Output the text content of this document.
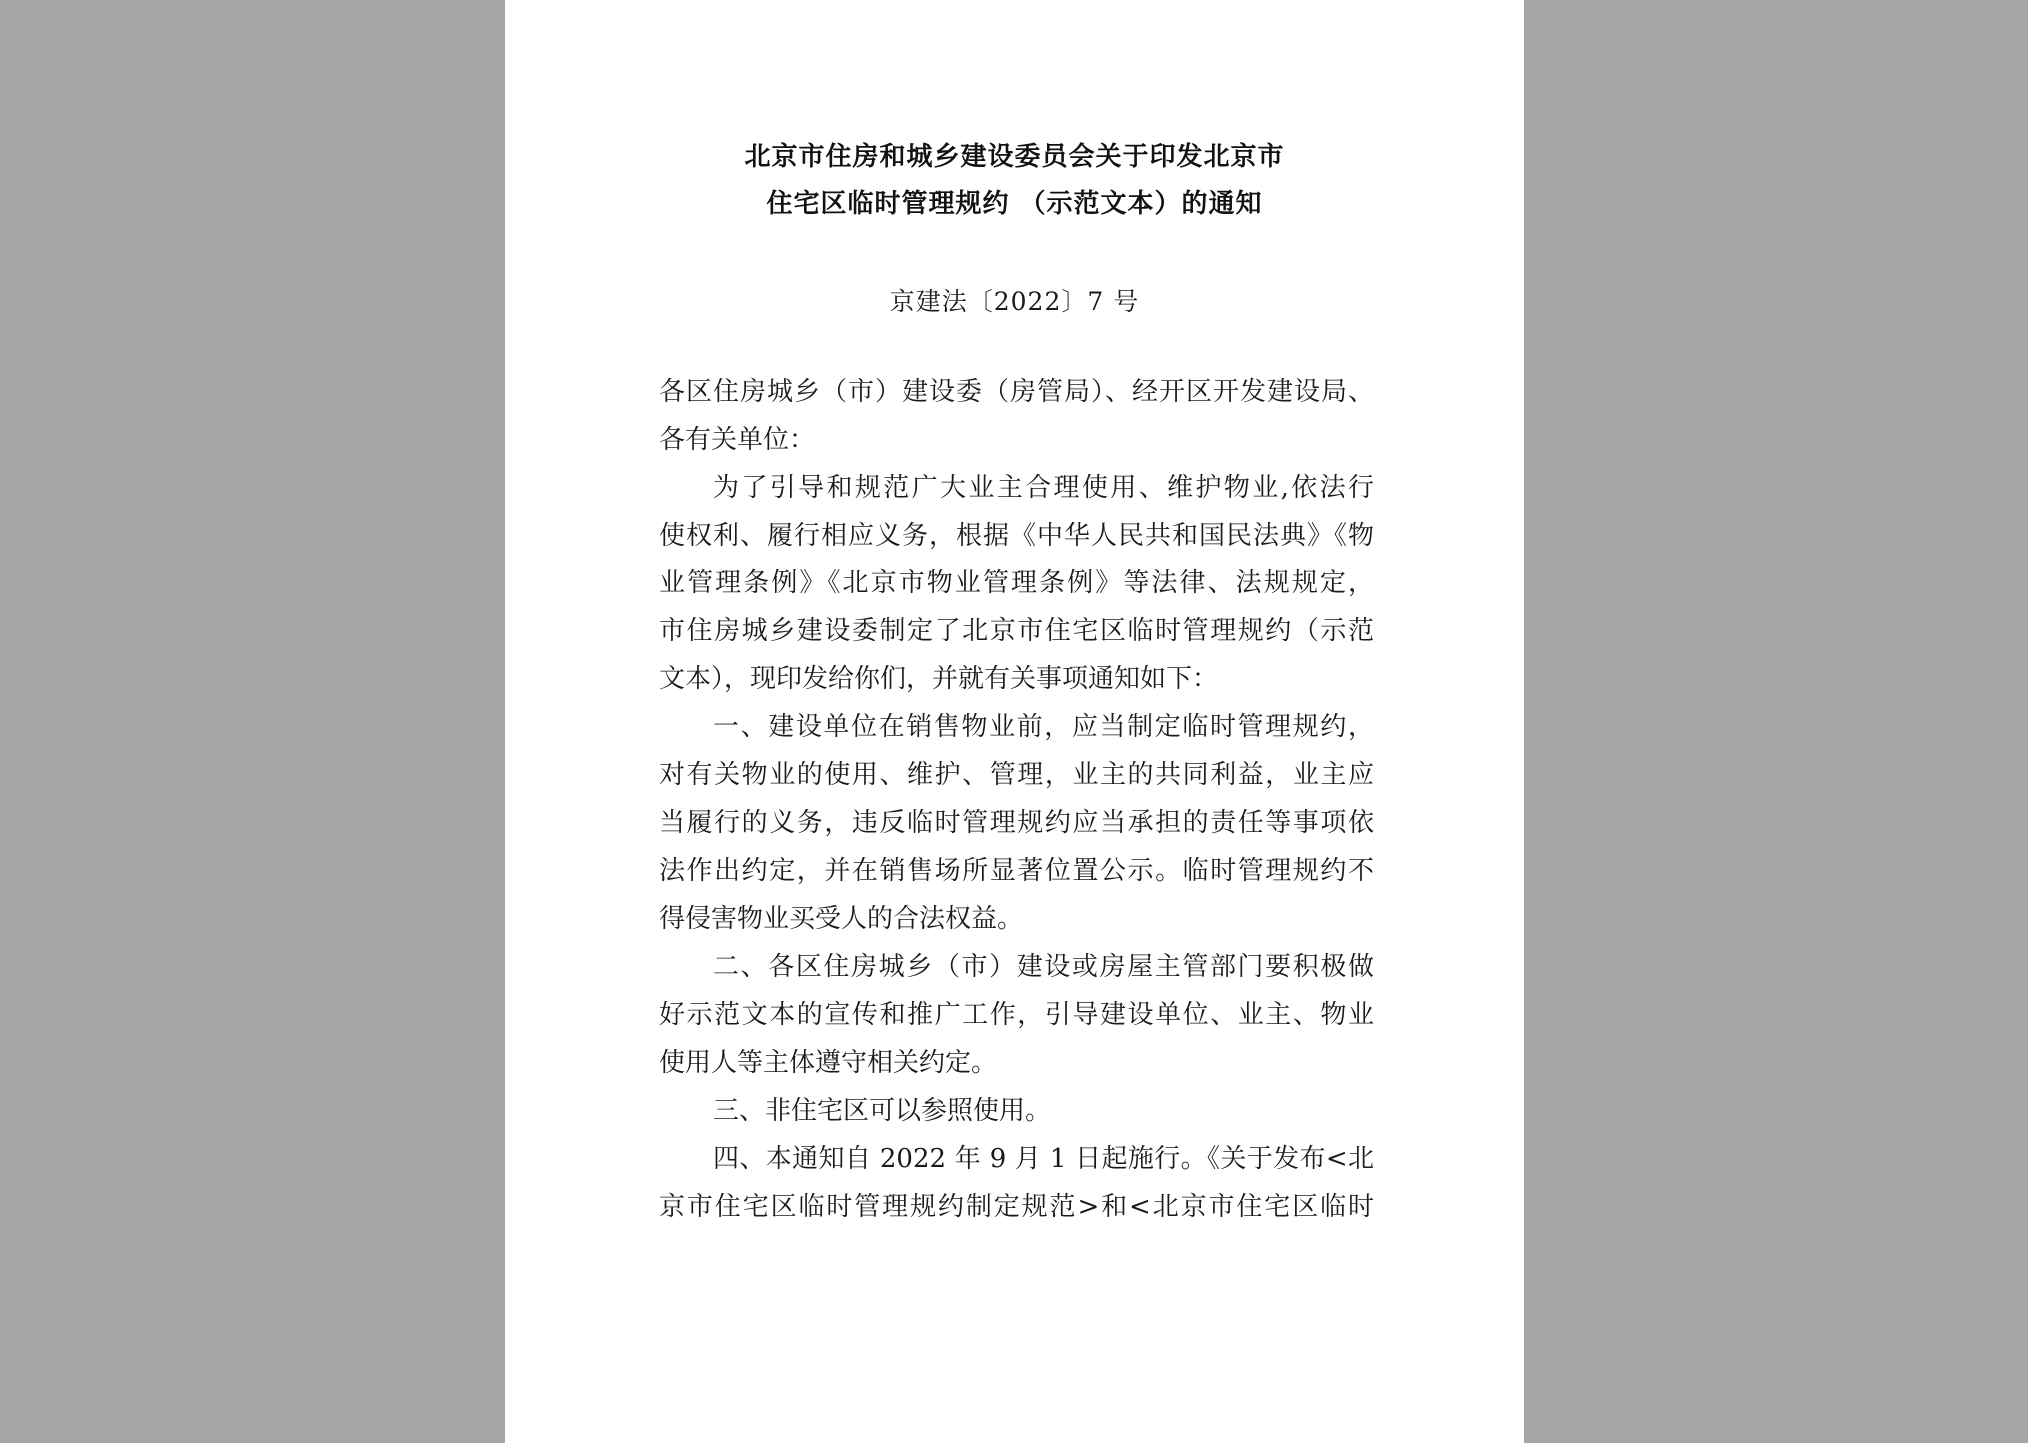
北京市住房和城乡建设委员会关于印发北京市
住宅区临时管理规约 （示范文本）的通知
京建法〔2022〕7 号
各区住房城乡（市）建设委（房管局）、经开区开发建设局、
各有关单位：
为了引导和规范广大业主合理使用、维护物业,依法行
使权利、履行相应义务，根据《中华人民共和国民法典》《物
业管理条例》《北京市物业管理条例》等法律、法规规定，
市住房城乡建设委制定了北京市住宅区临时管理规约（示范
文本），现印发给你们，并就有关事项通知如下：
一、建设单位在销售物业前，应当制定临时管理规约，
对有关物业的使用、维护、管理，业主的共同利益，业主应
当履行的义务，违反临时管理规约应当承担的责任等事项依
法作出约定，并在销售场所显著位置公示。临时管理规约不
得侵害物业买受人的合法权益。
二、各区住房城乡（市）建设或房屋主管部门要积极做
好示范文本的宣传和推广工作，引导建设单位、业主、物业
使用人等主体遵守相关约定。
三、非住宅区可以参照使用。
四、本通知自 2022 年 9 月 1 日起施行。《关于发布<北
京市住宅区临时管理规约制定规范>和<北京市住宅区临时
